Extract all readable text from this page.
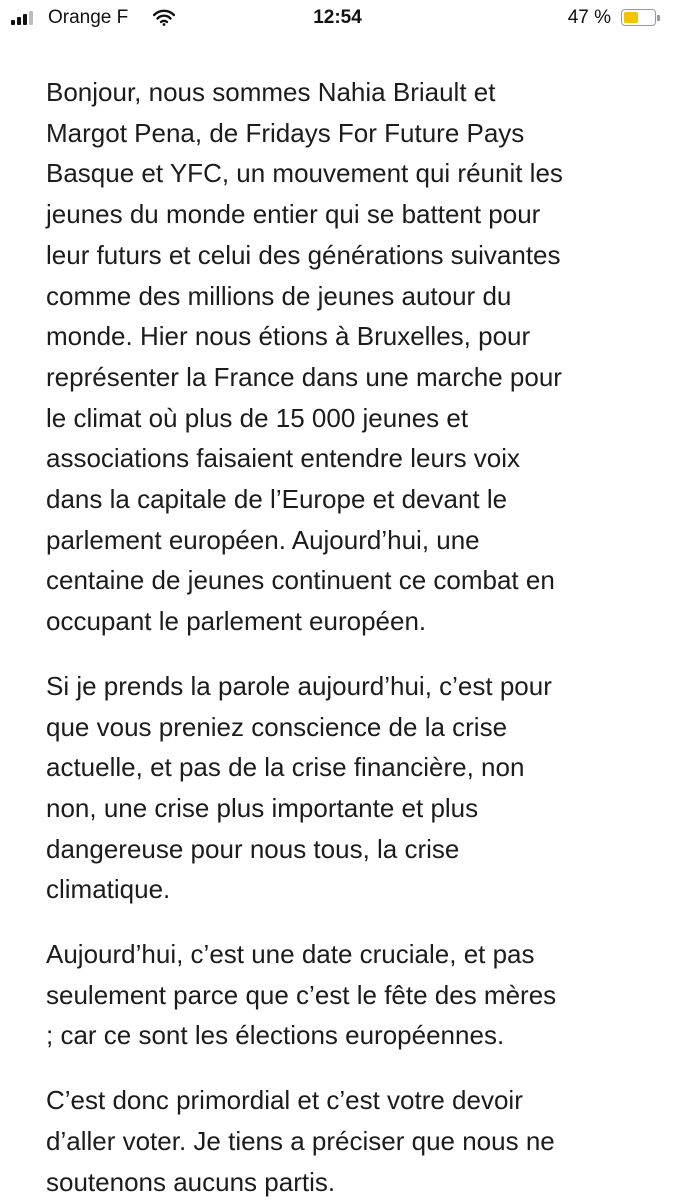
Orange F	12:54	47 %

Bonjour, nous sommes Nahia Briault et
Margot Pena, de Fridays For Future Pays
Basque et YFC, un mouvement qui réunit les
jeunes du monde entier qui se battent pour
leur futurs et celui des générations suivantes
comme des millions de jeunes autour du
monde. Hier nous étions à Bruxelles, pour
représenter la France dans une marche pour
le climat où plus de 15 000 jeunes et
associations faisaient entendre leurs voix
dans la capitale de l’Europe et devant le
parlement européen. Aujourd’hui, une
centaine de jeunes continuent ce combat en
occupant le parlement européen.

Si je prends la parole aujourd’hui, c’est pour
que vous preniez conscience de la crise
actuelle, et pas de la crise financière, non
non, une crise plus importante et plus
dangereuse pour nous tous, la crise
climatique.

Aujourd’hui, c’est une date cruciale, et pas
seulement parce que c’est le fête des mères
; car ce sont les élections européennes.

C’est donc primordial et c’est votre devoir
d’aller voter. Je tiens a préciser que nous ne
soutenons aucuns partis.
